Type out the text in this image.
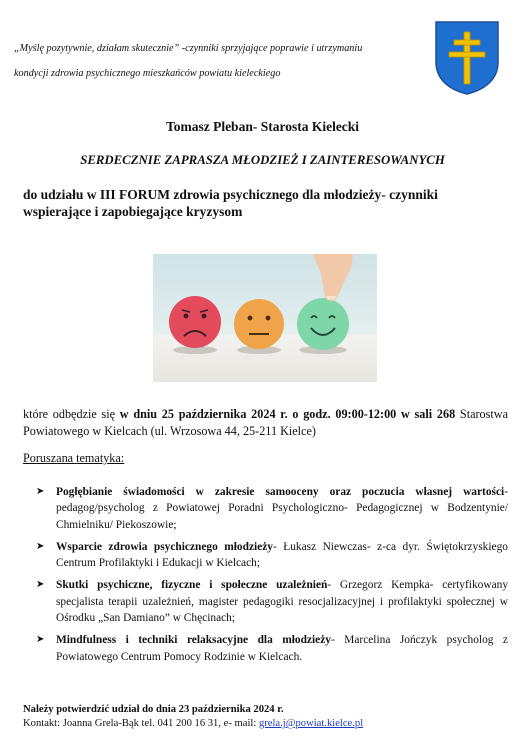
„Myślę pozytywnie, działam skutecznie” -czynniki sprzyjające poprawie i utrzymaniu
kondycji zdrowia psychicznego mieszkańców powiatu kieleckiego
Tomasz Pleban- Starosta Kielecki
SERDECZNIE ZAPRASZA MŁODZIEŻ I ZAINTERESOWANYCH
do udziału w III FORUM zdrowia psychicznego dla młodzieży- czynniki wspierające i zapobiegające kryzysom
które odbędzie się w dniu 25 października 2024 r. o godz. 09:00-12:00 w sali 268 Starostwa Powiatowego w Kielcach (ul. Wrzosowa 44, 25-211 Kielce)
Poruszana tematyka:
➤ Pogłębianie świadomości w zakresie samooceny oraz poczucia własnej wartości- pedagog/psycholog z Powiatowej Poradni Psychologiczno- Pedagogicznej w Bodzentynie/ Chmielniku/ Piekoszowie;
➤ Wsparcie zdrowia psychicznego młodzieży- Łukasz Niewczas- z-ca dyr. Świętokrzyskiego Centrum Profilaktyki i Edukacji w Kielcach;
➤ Skutki psychiczne, fizyczne i społeczne uzależnień- Grzegorz Kempka- certyfikowany specjalista terapii uzależnień, magister pedagogiki resocjalizacyjnej i profilaktyki społecznej w Ośrodku „San Damiano” w Chęcinach;
➤ Mindfulness i techniki relaksacyjne dla młodzieży- Marcelina Jończyk psycholog z Powiatowego Centrum Pomocy Rodzinie w Kielcach.
Należy potwierdzić udział do dnia 23 października 2024 r.
Kontakt: Joanna Grela-Bąk tel. 041 200 16 31, e- mail: grela.j@powiat.kielce.pl
